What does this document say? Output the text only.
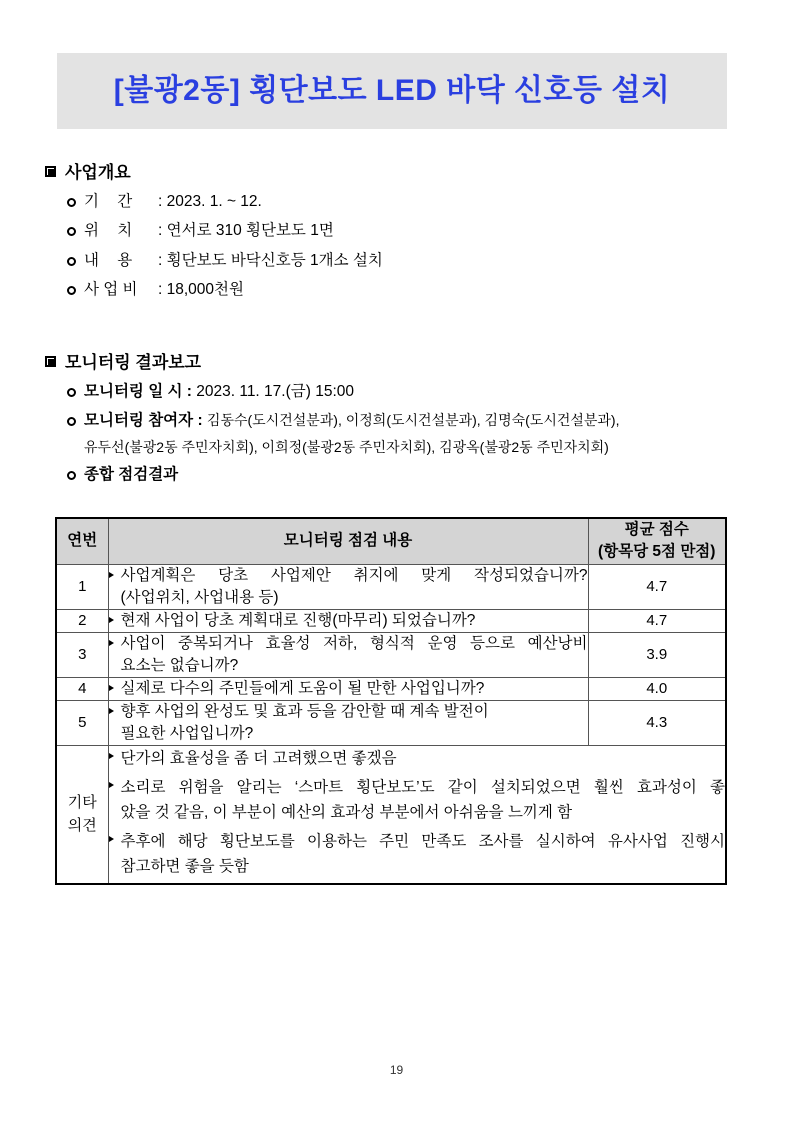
[불광2동] 횡단보도 LED 바닥 신호등 설치
사업개요
기 간 : 2023. 1. ~ 12.
위 치 : 연서로 310 횡단보도 1면
내 용 : 횡단보도 바닥신호등 1개소 설치
사 업 비 : 18,000천원
모니터링 결과보고
모니터링 일 시 : 2023. 11. 17.(금) 15:00
모니터링 참여자 : 김동수(도시건설분과), 이정희(도시건설분과), 김명숙(도시건설분과),
유두선(불광2동 주민자치회), 이희정(불광2동 주민자치회), 김광옥(불광2동 주민자치회)
종합 점검결과
연번	모니터링 점검 내용	평균 점수
(항목당 5점 만점)

1	사업계획은 당초 사업제안 취지에 맞게 작성되었습니까?
(사업위치, 사업내용 등)	4.7
2	현재 사업이 당초 계획대로 진행(마무리) 되었습니까?	4.7
3	사업이 중복되거나 효율성 저하, 형식적 운영 등으로 예산낭비
요소는 없습니까?	3.9
4	실제로 다수의 주민들에게 도움이 될 만한 사업입니까?	4.0
5	향후 사업의 완성도 및 효과 등을 감안할 때 계속 발전이
필요한 사업입니까?	4.3

기타
의견

단가의 효율성을 좀 더 고려했으면 좋겠음
소리로 위험을 알리는 ‘스마트 횡단보도’도 같이 설치되었으면 훨씬 효과성이 좋
았을 것 같음, 이 부분이 예산의 효과성 부분에서 아쉬움을 느끼게 함
추후에 해당 횡단보도를 이용하는 주민 만족도 조사를 실시하여 유사사업 진행시
참고하면 좋을 듯함
19
